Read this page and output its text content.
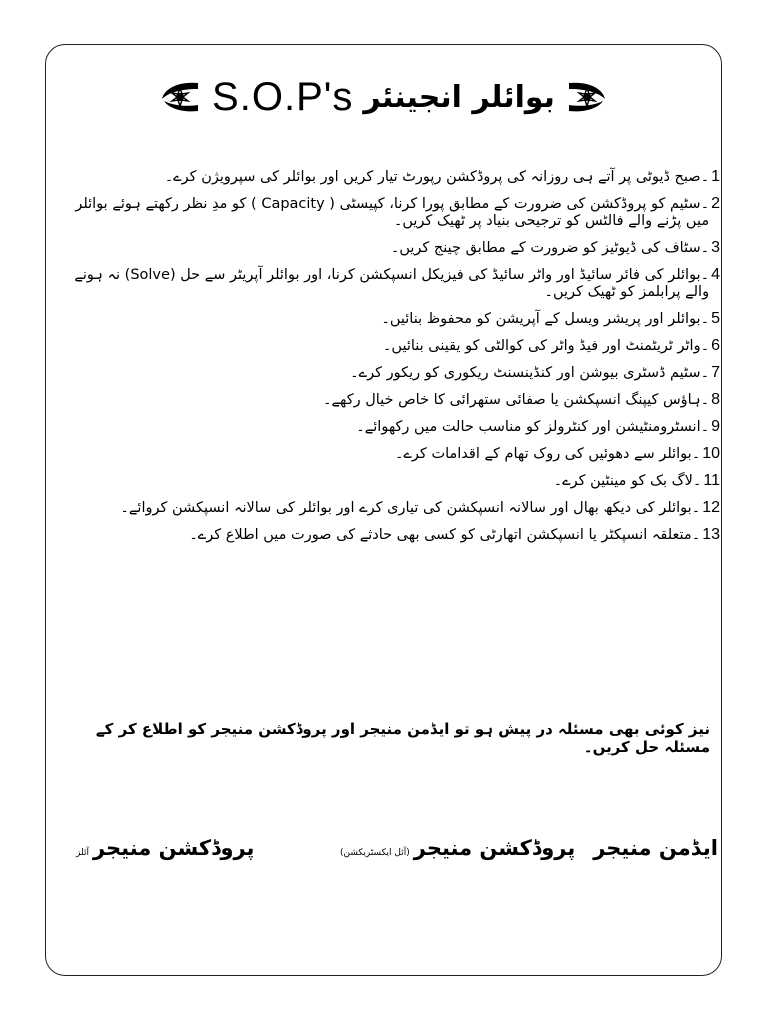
S.O.P's بوائلر انجینئر
1
۔صبح ڈیوٹی پر آتے ہی روزانہ کی پروڈکشن رپورٹ تیار کریں اور بوائلر کی سپرویژن کرے۔
2
۔سٹیم کو پروڈکشن کی ضرورت کے مطابق پورا کرنا، کپیسٹی ( Capacity ) کو مدِ نظر رکھتے ہوئے بوائلر میں پڑنے والے فالٹس کو ترجیحی بنیاد پر ٹھیک کریں۔
3
۔سٹاف کی ڈیوٹیز کو ضرورت کے مطابق چینج کریں۔
4
۔بوائلر کی فائر سائیڈ اور واٹر سائیڈ کی فیزیکل انسپکشن کرنا، اور بوائلر آپریٹر سے حل (Solve) نہ ہونے والے پرابلمز کو ٹھیک کریں۔
5
۔بوائلر اور پریشر ویسل کے آپریشن کو محفوظ بنائیں۔
6
۔واٹر ٹریٹمنٹ اور فیڈ واٹر کی کوالٹی کو یقینی بنائیں۔
7
۔سٹیم ڈسٹری بیوشن اور کنڈینسنٹ ریکوری کو ریکور کرے۔
8
۔ہاؤس کیپنگ انسپکشن یا صفائی ستھرائی کا خاص خیال رکھے۔
9
۔انسٹرومنٹیشن اور کنٹرولز کو مناسب حالت میں رکھوائے۔
10
۔بوائلر سے دھوئیں کی روک تھام کے اقدامات کرے۔
11
۔لاگ بک کو مینٹین کرے۔
12
۔بوائلر کی دیکھ بھال اور سالانہ انسپکشن کی تیاری کرے اور بوائلر کی سالانہ انسپکشن کروائے۔
13
۔متعلقہ انسپکٹر یا انسپکشن اتھارٹی کو کسی بھی حادثے کی صورت میں اطلاع کرے۔
نیز کوئی بھی مسئلہ در پیش ہو تو ایڈمن منیجر اور پروڈکشن منیجر کو اطلاع کر کے مسئلہ حل کریں۔
ایڈمن منیجر
پروڈکشن منیجر(آئل ایکسٹریکشن)
پروڈکشن منیجرآئلز
